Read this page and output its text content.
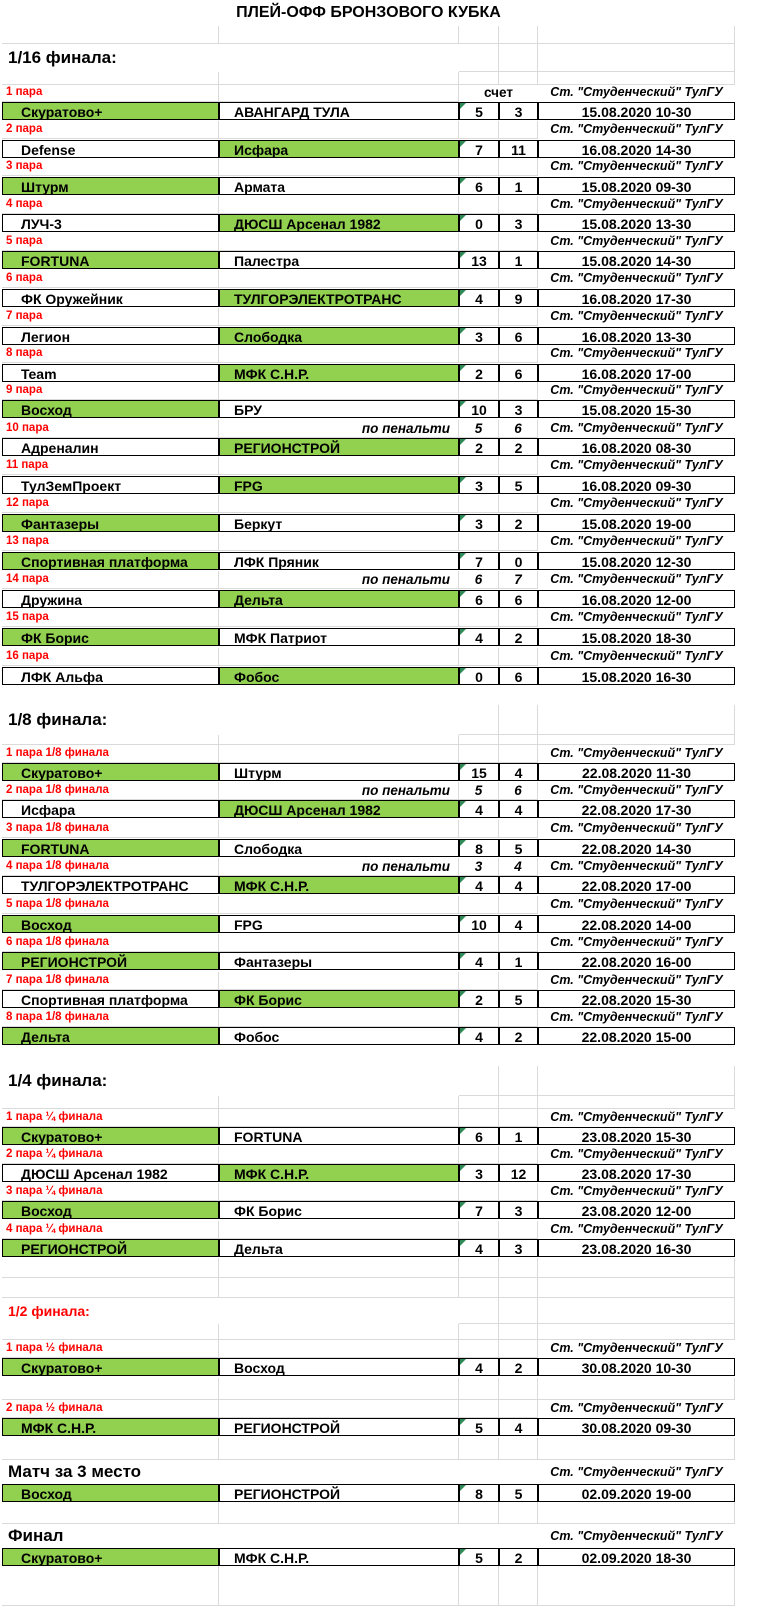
ПЛЕЙ-ОФФ БРОНЗОВОГО КУБКА
1/16 финала:
1 пара	счет	Ст. "Студенческий" ТулГУ
Скуратово+	АВАНГАРД ТУЛА	5	3	15.08.2020 10-30
2 пара	Ст. "Студенческий" ТулГУ
Defense	Исфара	7	11	16.08.2020 14-30
3 пара	Ст. "Студенческий" ТулГУ
Штурм	Армата	6	1	15.08.2020 09-30
4 пара	Ст. "Студенческий" ТулГУ
ЛУЧ-3	ДЮСШ Арсенал 1982	0	3	15.08.2020 13-30
5 пара	Ст. "Студенческий" ТулГУ
FORTUNA	Палестра	13	1	15.08.2020 14-30
6 пара	Ст. "Студенческий" ТулГУ
ФК Оружейник	ТУЛГОРЭЛЕКТРОТРАНС	4	9	16.08.2020 17-30
7 пара	Ст. "Студенческий" ТулГУ
Легион	Слободка	3	6	16.08.2020 13-30
8 пара	Ст. "Студенческий" ТулГУ
Team	МФК С.Н.Р.	2	6	16.08.2020 17-00
9 пара	Ст. "Студенческий" ТулГУ
Восход	БРУ	10	3	15.08.2020 15-30
10 пара	по пенальти	5	6	Ст. "Студенческий" ТулГУ
Адреналин	РЕГИОНСТРОЙ	2	2	16.08.2020 08-30
11 пара	Ст. "Студенческий" ТулГУ
ТулЗемПроект	FPG	3	5	16.08.2020 09-30
12 пара	Ст. "Студенческий" ТулГУ
Фантазеры	Беркут	3	2	15.08.2020 19-00
13 пара	Ст. "Студенческий" ТулГУ
Спортивная платформа	ЛФК Пряник	7	0	15.08.2020 12-30
14 пара	по пенальти	6	7	Ст. "Студенческий" ТулГУ
Дружина	Дельта	6	6	16.08.2020 12-00
15 пара	Ст. "Студенческий" ТулГУ
ФК Борис	МФК Патриот	4	2	15.08.2020 18-30
16 пара	Ст. "Студенческий" ТулГУ
ЛФК Альфа	Фобос	0	6	15.08.2020 16-30
1/8 финала:
1 пара 1/8 финала	Ст. "Студенческий" ТулГУ
Скуратово+	Штурм	15	4	22.08.2020 11-30
2 пара 1/8 финала	по пенальти	5	6	Ст. "Студенческий" ТулГУ
Исфара	ДЮСШ Арсенал 1982	4	4	22.08.2020 17-30
3 пара 1/8 финала	Ст. "Студенческий" ТулГУ
FORTUNA	Слободка	8	5	22.08.2020 14-30
4 пара 1/8 финала	по пенальти	3	4	Ст. "Студенческий" ТулГУ
ТУЛГОРЭЛЕКТРОТРАНС	МФК С.Н.Р.	4	4	22.08.2020 17-00
5 пара 1/8 финала	Ст. "Студенческий" ТулГУ
Восход	FPG	10	4	22.08.2020 14-00
6 пара 1/8 финала	Ст. "Студенческий" ТулГУ
РЕГИОНСТРОЙ	Фантазеры	4	1	22.08.2020 16-00
7 пара 1/8 финала	Ст. "Студенческий" ТулГУ
Спортивная платформа	ФК Борис	2	5	22.08.2020 15-30
8 пара 1/8 финала	Ст. "Студенческий" ТулГУ
Дельта	Фобос	4	2	22.08.2020 15-00
1/4 финала:
1 пара ¼ финала	Ст. "Студенческий" ТулГУ
Скуратово+	FORTUNA	6	1	23.08.2020 15-30
2 пара ¼ финала	Ст. "Студенческий" ТулГУ
ДЮСШ Арсенал 1982	МФК С.Н.Р.	3	12	23.08.2020 17-30
3 пара ¼ финала	Ст. "Студенческий" ТулГУ
Восход	ФК Борис	7	3	23.08.2020 12-00
4 пара ¼ финала	Ст. "Студенческий" ТулГУ
РЕГИОНСТРОЙ	Дельта	4	3	23.08.2020 16-30
1/2 финала:
1 пара ½ финала	Ст. "Студенческий" ТулГУ
Скуратово+	Восход	4	2	30.08.2020 10-30
2 пара ½ финала	Ст. "Студенческий" ТулГУ
МФК С.Н.Р.	РЕГИОНСТРОЙ	5	4	30.08.2020 09-30
Матч за 3 место	Ст. "Студенческий" ТулГУ
Восход	РЕГИОНСТРОЙ	8	5	02.09.2020 19-00
Финал	Ст. "Студенческий" ТулГУ
Скуратово+	МФК С.Н.Р.	5	2	02.09.2020 18-30
